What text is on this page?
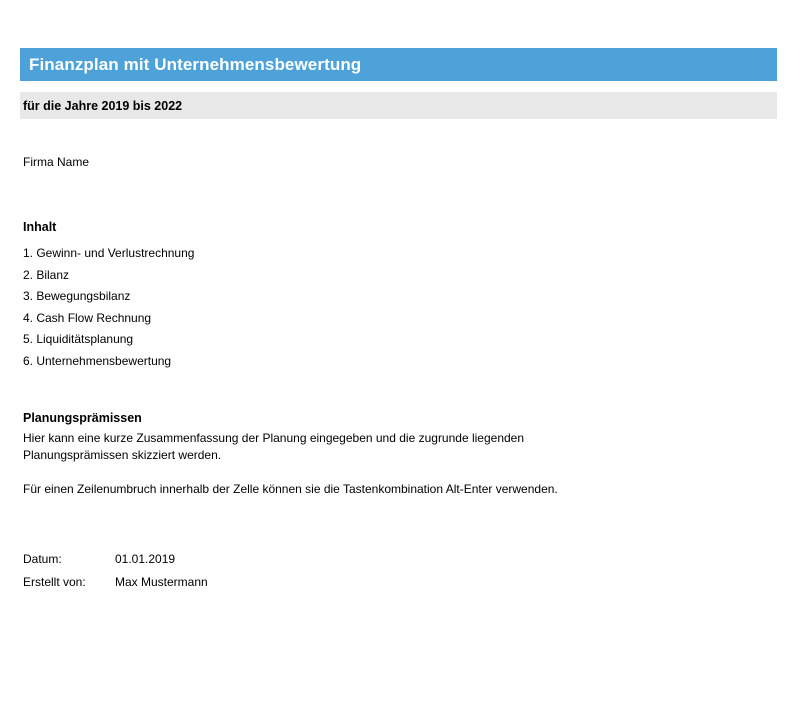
Finanzplan mit Unternehmensbewertung
für die Jahre 2019 bis 2022
Firma Name
Inhalt
1. Gewinn- und Verlustrechnung
2. Bilanz
3. Bewegungsbilanz
4. Cash Flow Rechnung
5. Liquiditätsplanung
6. Unternehmensbewertung
Planungsprämissen

Hier kann eine kurze Zusammenfassung der Planung eingegeben und die zugrunde liegenden Planungsprämissen skizziert werden.

Für einen Zeilenumbruch innerhalb der Zelle können sie die Tastenkombination Alt-Enter verwenden.

Datum:	01.01.2019
Erstellt von:	Max Mustermann
